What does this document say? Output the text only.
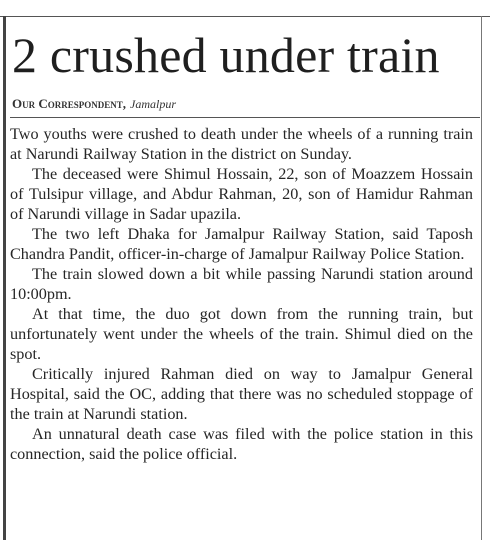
2 crushed under train
Our Correspondent, Jamalpur

Two youths were crushed to death under the wheels of a running train at Narundi Railway Station in the district on Sunday.

The deceased were Shimul Hossain, 22, son of Moazzem Hossain of Tulsipur village, and Abdur Rahman, 20, son of Hamidur Rahman of Narundi village in Sadar upazila.

The two left Dhaka for Jamalpur Railway Station, said Taposh Chandra Pandit, officer-in-charge of Jamalpur Railway Police Station.

The train slowed down a bit while passing Narundi station around 10:00pm.

At that time, the duo got down from the running train, but unfortunately went under the wheels of the train. Shimul died on the spot.

Critically injured Rahman died on way to Jamalpur General Hospital, said the OC, adding that there was no scheduled stoppage of the train at Narundi station.

An unnatural death case was filed with the police station in this connection, said the police official.
